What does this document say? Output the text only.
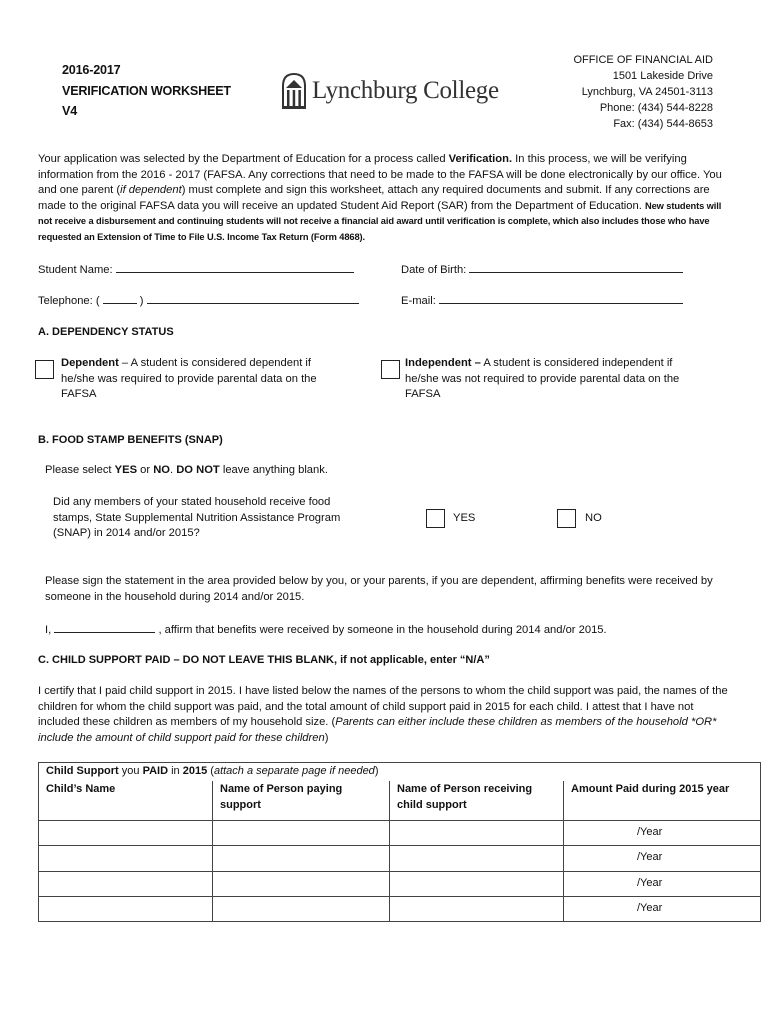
2016-2017
VERIFICATION WORKSHEET
V4
Lynchburg College
OFFICE OF FINANCIAL AID
1501 Lakeside Drive
Lynchburg, VA 24501-3113
Phone: (434) 544-8228
Fax: (434) 544-8653
Your application was selected by the Department of Education for a process called Verification. In this process, we will be verifying information from the 2016 - 2017 (FAFSA. Any corrections that need to be made to the FAFSA will be done electronically by our office. You and one parent (if dependent) must complete and sign this worksheet, attach any required documents and submit. If any corrections are made to the original FAFSA data you will receive an updated Student Aid Report (SAR) from the Department of Education. New students will not receive a disbursement and continuing students will not receive a financial aid award until verification is complete, which also includes those who have requested an Extension of Time to File U.S. Income Tax Return (Form 4868).
Student Name:	Date of Birth:
Telephone: (	)	E-mail:
A. DEPENDENCY STATUS
Dependent – A student is considered dependent if he/she was required to provide parental data on the FAFSA
Independent – A student is considered independent if he/she was not required to provide parental data on the FAFSA
B. FOOD STAMP BENEFITS (SNAP)
Please select YES or NO. DO NOT leave anything blank.
Did any members of your stated household receive food stamps, State Supplemental Nutrition Assistance Program (SNAP) in 2014 and/or 2015?
YES	NO
Please sign the statement in the area provided below by you, or your parents, if you are dependent, affirming benefits were received by someone in the household during 2014 and/or 2015.
I,	, affirm that benefits were received by someone in the household during 2014 and/or 2015.
C. CHILD SUPPORT PAID – DO NOT LEAVE THIS BLANK, if not applicable, enter “N/A”
I certify that I paid child support in 2015. I have listed below the names of the persons to whom the child support was paid, the names of the children for whom the child support was paid, and the total amount of child support paid in 2015 for each child. I attest that I have not included these children as members of my household size. (Parents can either include these children as members of the household *OR* include the amount of child support paid for these children)
Child Support you PAID in 2015 (attach a separate page if needed)			
Child’s Name	Name of Person paying support	Name of Person receiving child support	Amount Paid during 2015 year

			/Year

			/Year

			/Year

			/Year
